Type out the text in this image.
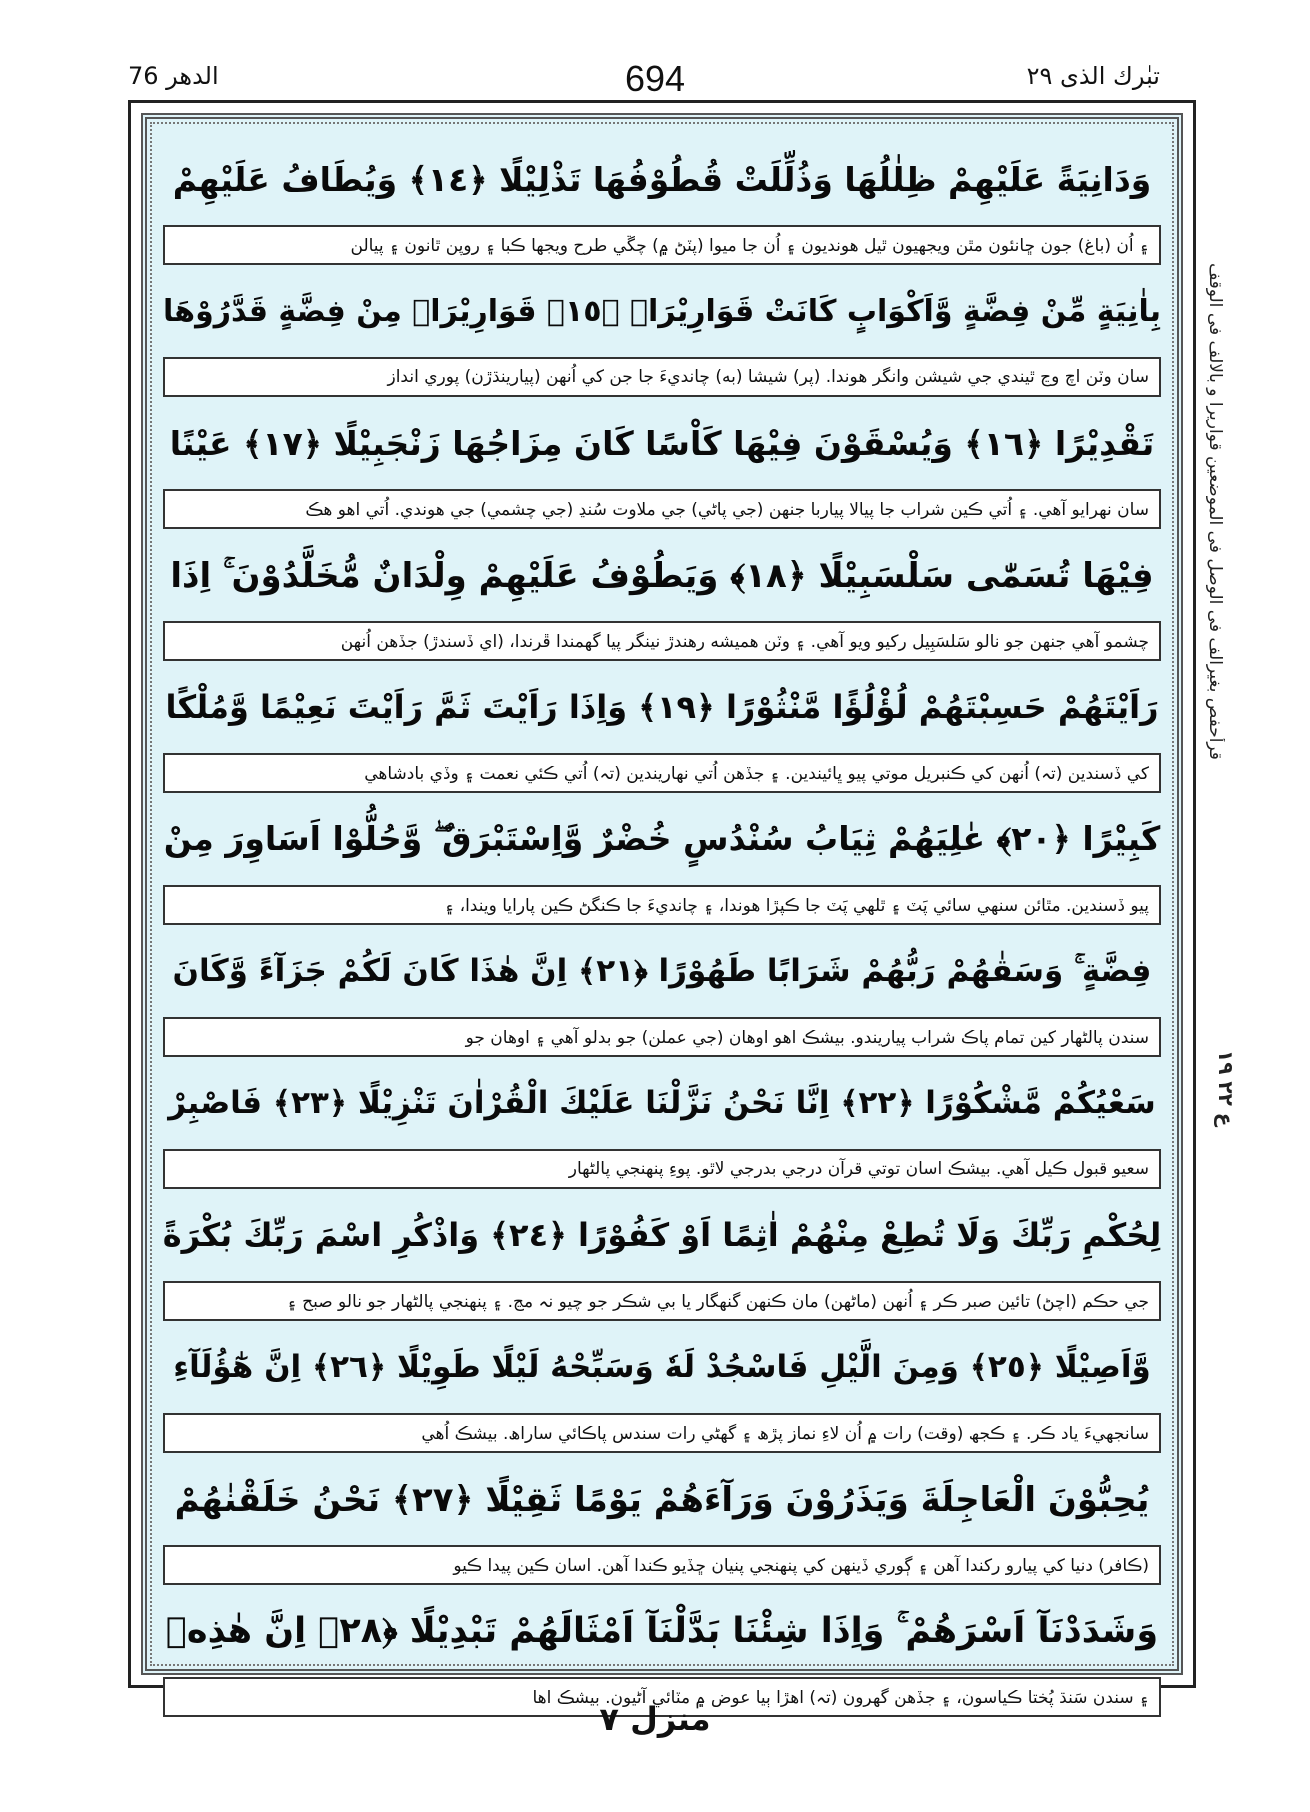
الدھر 76	694	تبٰرك الذی ٢٩
وَدَانِيَةً عَلَيْهِمْ ظِلٰلُهَا وَذُلِّلَتْ قُطُوْفُهَا تَذْلِيْلًا ﴿١٤﴾ وَيُطَافُ عَلَيْهِمْ
۽ اُن (باغ) جون ڇانئون مٿن ويجهيون ٿيل هونديون ۽ اُن جا ميوا (پٽڻ ۾) چڱي طرح ويجها ڪبا ۽ روپن ٿانون ۽ پيالن
بِاٰنِيَةٍ مِّنْ فِضَّةٍ وَّاَكْوَابٍ كَانَتْ قَوَارِيْرَا۠ ﴿١٥﴾ قَوَارِيْرَا۠ مِنْ فِضَّةٍ قَدَّرُوْهَا
سان وٽن اچ وڃ ٿيندي جي شيشن وانگر هوندا. (پر) شيشا (به) چانديءَ جا جن کي اُنهن (پيارينڌڙن) پوري انداز
تَقْدِيْرًا ﴿١٦﴾ وَيُسْقَوْنَ فِيْهَا كَاْسًا كَانَ مِزَاجُهَا زَنْجَبِيْلًا ﴿١٧﴾ عَيْنًا
سان نهرايو آهي. ۽ اُتي ڪين شراب جا پيالا پياربا جنهن (جي پاڻي) جي ملاوت سُنڍ (جي چشمي) جي هوندي. اُتي اهو هڪ
فِيْهَا تُسَمّٰى سَلْسَبِيْلًا ﴿١٨﴾ وَيَطُوْفُ عَلَيْهِمْ وِلْدَانٌ مُّخَلَّدُوْنَ ۚ اِذَا
چشمو آهي جنهن جو نالو سَلسَبِيل رکيو ويو آهي. ۽ وٽن هميشه رهندڙ نينگر پيا گهمندا ڦرندا، (اي ڏسندڙ) جڏهن اُنهن
رَاَيْتَهُمْ حَسِبْتَهُمْ لُؤْلُؤًا مَّنْثُوْرًا ﴿١٩﴾ وَاِذَا رَاَيْتَ ثَمَّ رَاَيْتَ نَعِيْمًا وَّمُلْكًا
کي ڏسندين (تہ) اُنهن کي ڪنبريل موتي پيو ڀائيندين. ۽ جڏهن اُتي نهاريندين (تہ) اُتي ڪئي نعمت ۽ وڏي بادشاهي
كَبِيْرًا ﴿٢٠﴾ عٰلِيَهُمْ ثِيَابُ سُنْدُسٍ خُضْرٌ وَّاِسْتَبْرَقٌ ۖ وَّحُلُّوْا اَسَاوِرَ مِنْ
پيو ڏسندين. مٿائن سنهي سائي پَٽ ۽ ٿلهي پَٽ جا ڪپڙا هوندا، ۽ چانديءَ جا ڪنگڻ ڪين پارايا ويندا، ۽
فِضَّةٍ ۚ وَسَقٰهُمْ رَبُّهُمْ شَرَابًا طَهُوْرًا ﴿٢١﴾ اِنَّ هٰذَا كَانَ لَكُمْ جَزَآءً وَّكَانَ
سندن پالڻهار کين تمام پاڪ شراب پياريندو. بيشڪ اهو اوهان (جي عملن) جو بدلو آهي ۽ اوهان جو
سَعْيُكُمْ مَّشْكُوْرًا ﴿٢٢﴾ اِنَّا نَحْنُ نَزَّلْنَا عَلَيْكَ الْقُرْاٰنَ تَنْزِيْلًا ﴿٢٣﴾ فَاصْبِرْ
سعيو قبول ڪيل آهي. بيشڪ اسان توتي قرآن درجي بدرجي لاٿو. پوءِ پنهنجي پالڻهار
لِحُكْمِ رَبِّكَ وَلَا تُطِعْ مِنْهُمْ اٰثِمًا اَوْ كَفُوْرًا ﴿٢٤﴾ وَاذْكُرِ اسْمَ رَبِّكَ بُكْرَةً
جي حڪم (اچڻ) تائين صبر ڪر ۽ اُنهن (ماڻهن) مان ڪنهن گنهگار يا بي شڪر جو چيو نہ مڃ. ۽ پنهنجي پالڻهار جو نالو صبح ۽
وَّاَصِيْلًا ﴿٢٥﴾ وَمِنَ الَّيْلِ فَاسْجُدْ لَهٗ وَسَبِّحْهُ لَيْلًا طَوِيْلًا ﴿٢٦﴾ اِنَّ هٰٓؤُلَآءِ
سانجهيءَ ياد ڪر. ۽ ڪجھ (وقت) رات ۾ اُن لاءِ نماز پڙھ ۽ گهڻي رات سندس پاڪائي ساراھ. بيشڪ اُهي
يُحِبُّوْنَ الْعَاجِلَةَ وَيَذَرُوْنَ وَرَآءَهُمْ يَوْمًا ثَقِيْلًا ﴿٢٧﴾ نَحْنُ خَلَقْنٰهُمْ
(ڪافر) دنيا کي پيارو رکندا آهن ۽ ڳوري ڏينهن کي پنهنجي پنيان ڇڏيو ڪندا آهن. اسان ڪين پيدا ڪيو
وَشَدَدْنَآ اَسْرَهُمْ ۚ وَاِذَا شِئْنَا بَدَّلْنَآ اَمْثَالَهُمْ تَبْدِيْلًا ﴿٢٨﴾ اِنَّ هٰذِهٖ
۽ سندن سَنڌ پُختا ڪياسون، ۽ جڏهن گهرون (تہ) اهڙا ٻيا عوض ۾ مٽائي آڻيون. بيشڪ اها
قرأحفص بغیرالف فی الوصل فی الموضعین قواریرا و بالالف فی الوقف
ع ٢٢ ١٩
منزل ٧
